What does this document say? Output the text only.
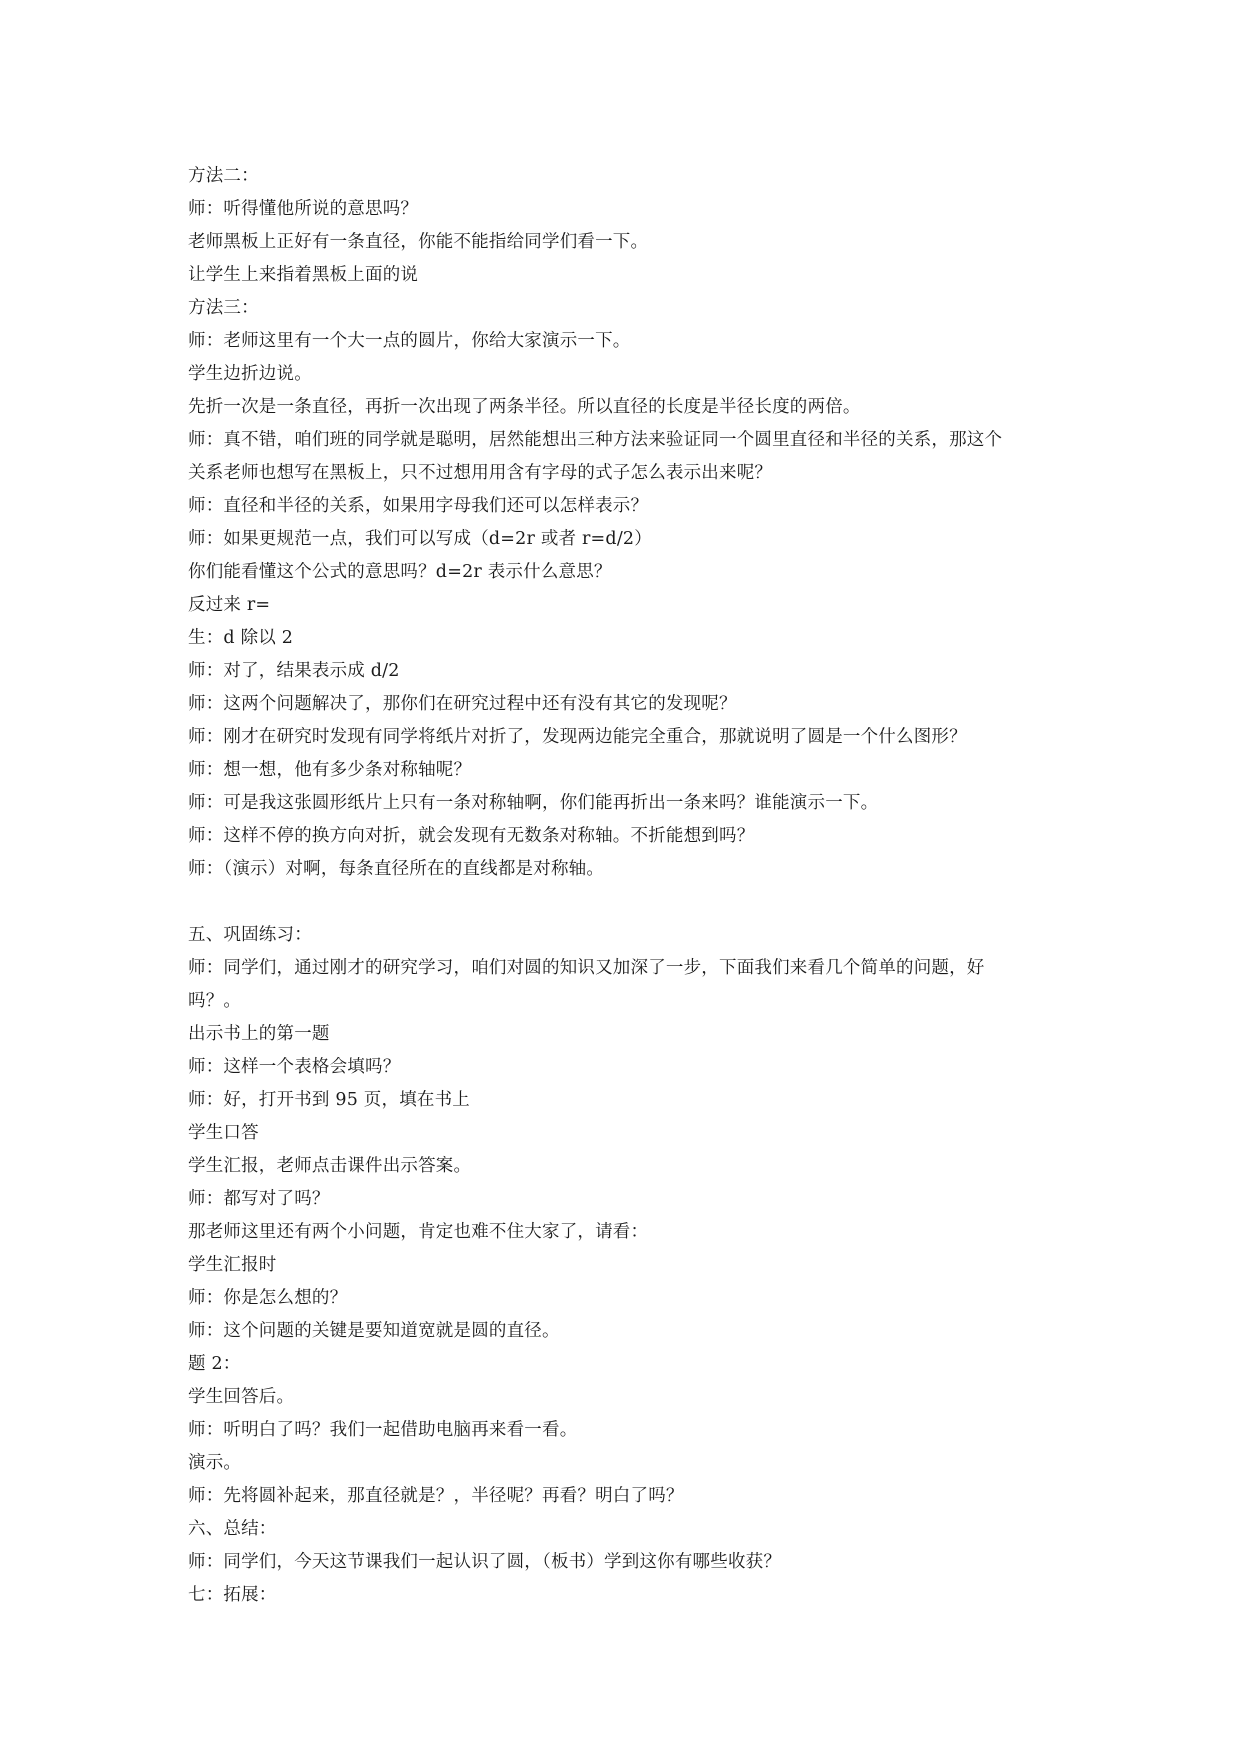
方法二：
师：听得懂他所说的意思吗？
老师黑板上正好有一条直径，你能不能指给同学们看一下。
让学生上来指着黑板上面的说
方法三：
师：老师这里有一个大一点的圆片，你给大家演示一下。
学生边折边说。
先折一次是一条直径，再折一次出现了两条半径。所以直径的长度是半径长度的两倍。
师：真不错，咱们班的同学就是聪明，居然能想出三种方法来验证同一个圆里直径和半径的关系，那这个
关系老师也想写在黑板上，只不过想用用含有字母的式子怎么表示出来呢？
师：直径和半径的关系，如果用字母我们还可以怎样表示？
师：如果更规范一点，我们可以写成（d=2r 或者 r=d/2）
你们能看懂这个公式的意思吗？d=2r 表示什么意思？
反过来 r=
生：d 除以 2
师：对了，结果表示成 d/2
师：这两个问题解决了，那你们在研究过程中还有没有其它的发现呢？
师：刚才在研究时发现有同学将纸片对折了，发现两边能完全重合，那就说明了圆是一个什么图形？
师：想一想，他有多少条对称轴呢？
师：可是我这张圆形纸片上只有一条对称轴啊，你们能再折出一条来吗？谁能演示一下。
师：这样不停的换方向对折，就会发现有无数条对称轴。不折能想到吗？
师：（演示）对啊，每条直径所在的直线都是对称轴。
五、巩固练习：
师：同学们，通过刚才的研究学习，咱们对圆的知识又加深了一步，下面我们来看几个简单的问题，好
吗？。
出示书上的第一题
师：这样一个表格会填吗？
师：好，打开书到 95 页，填在书上
学生口答
学生汇报，老师点击课件出示答案。
师：都写对了吗？
那老师这里还有两个小问题，肯定也难不住大家了，请看：
学生汇报时
师：你是怎么想的？
师：这个问题的关键是要知道宽就是圆的直径。
题 2：
学生回答后。
师：听明白了吗？我们一起借助电脑再来看一看。
演示。
师：先将圆补起来，那直径就是？，半径呢？再看？明白了吗？
六、总结：
师：同学们，今天这节课我们一起认识了圆，（板书）学到这你有哪些收获？
七：拓展：
